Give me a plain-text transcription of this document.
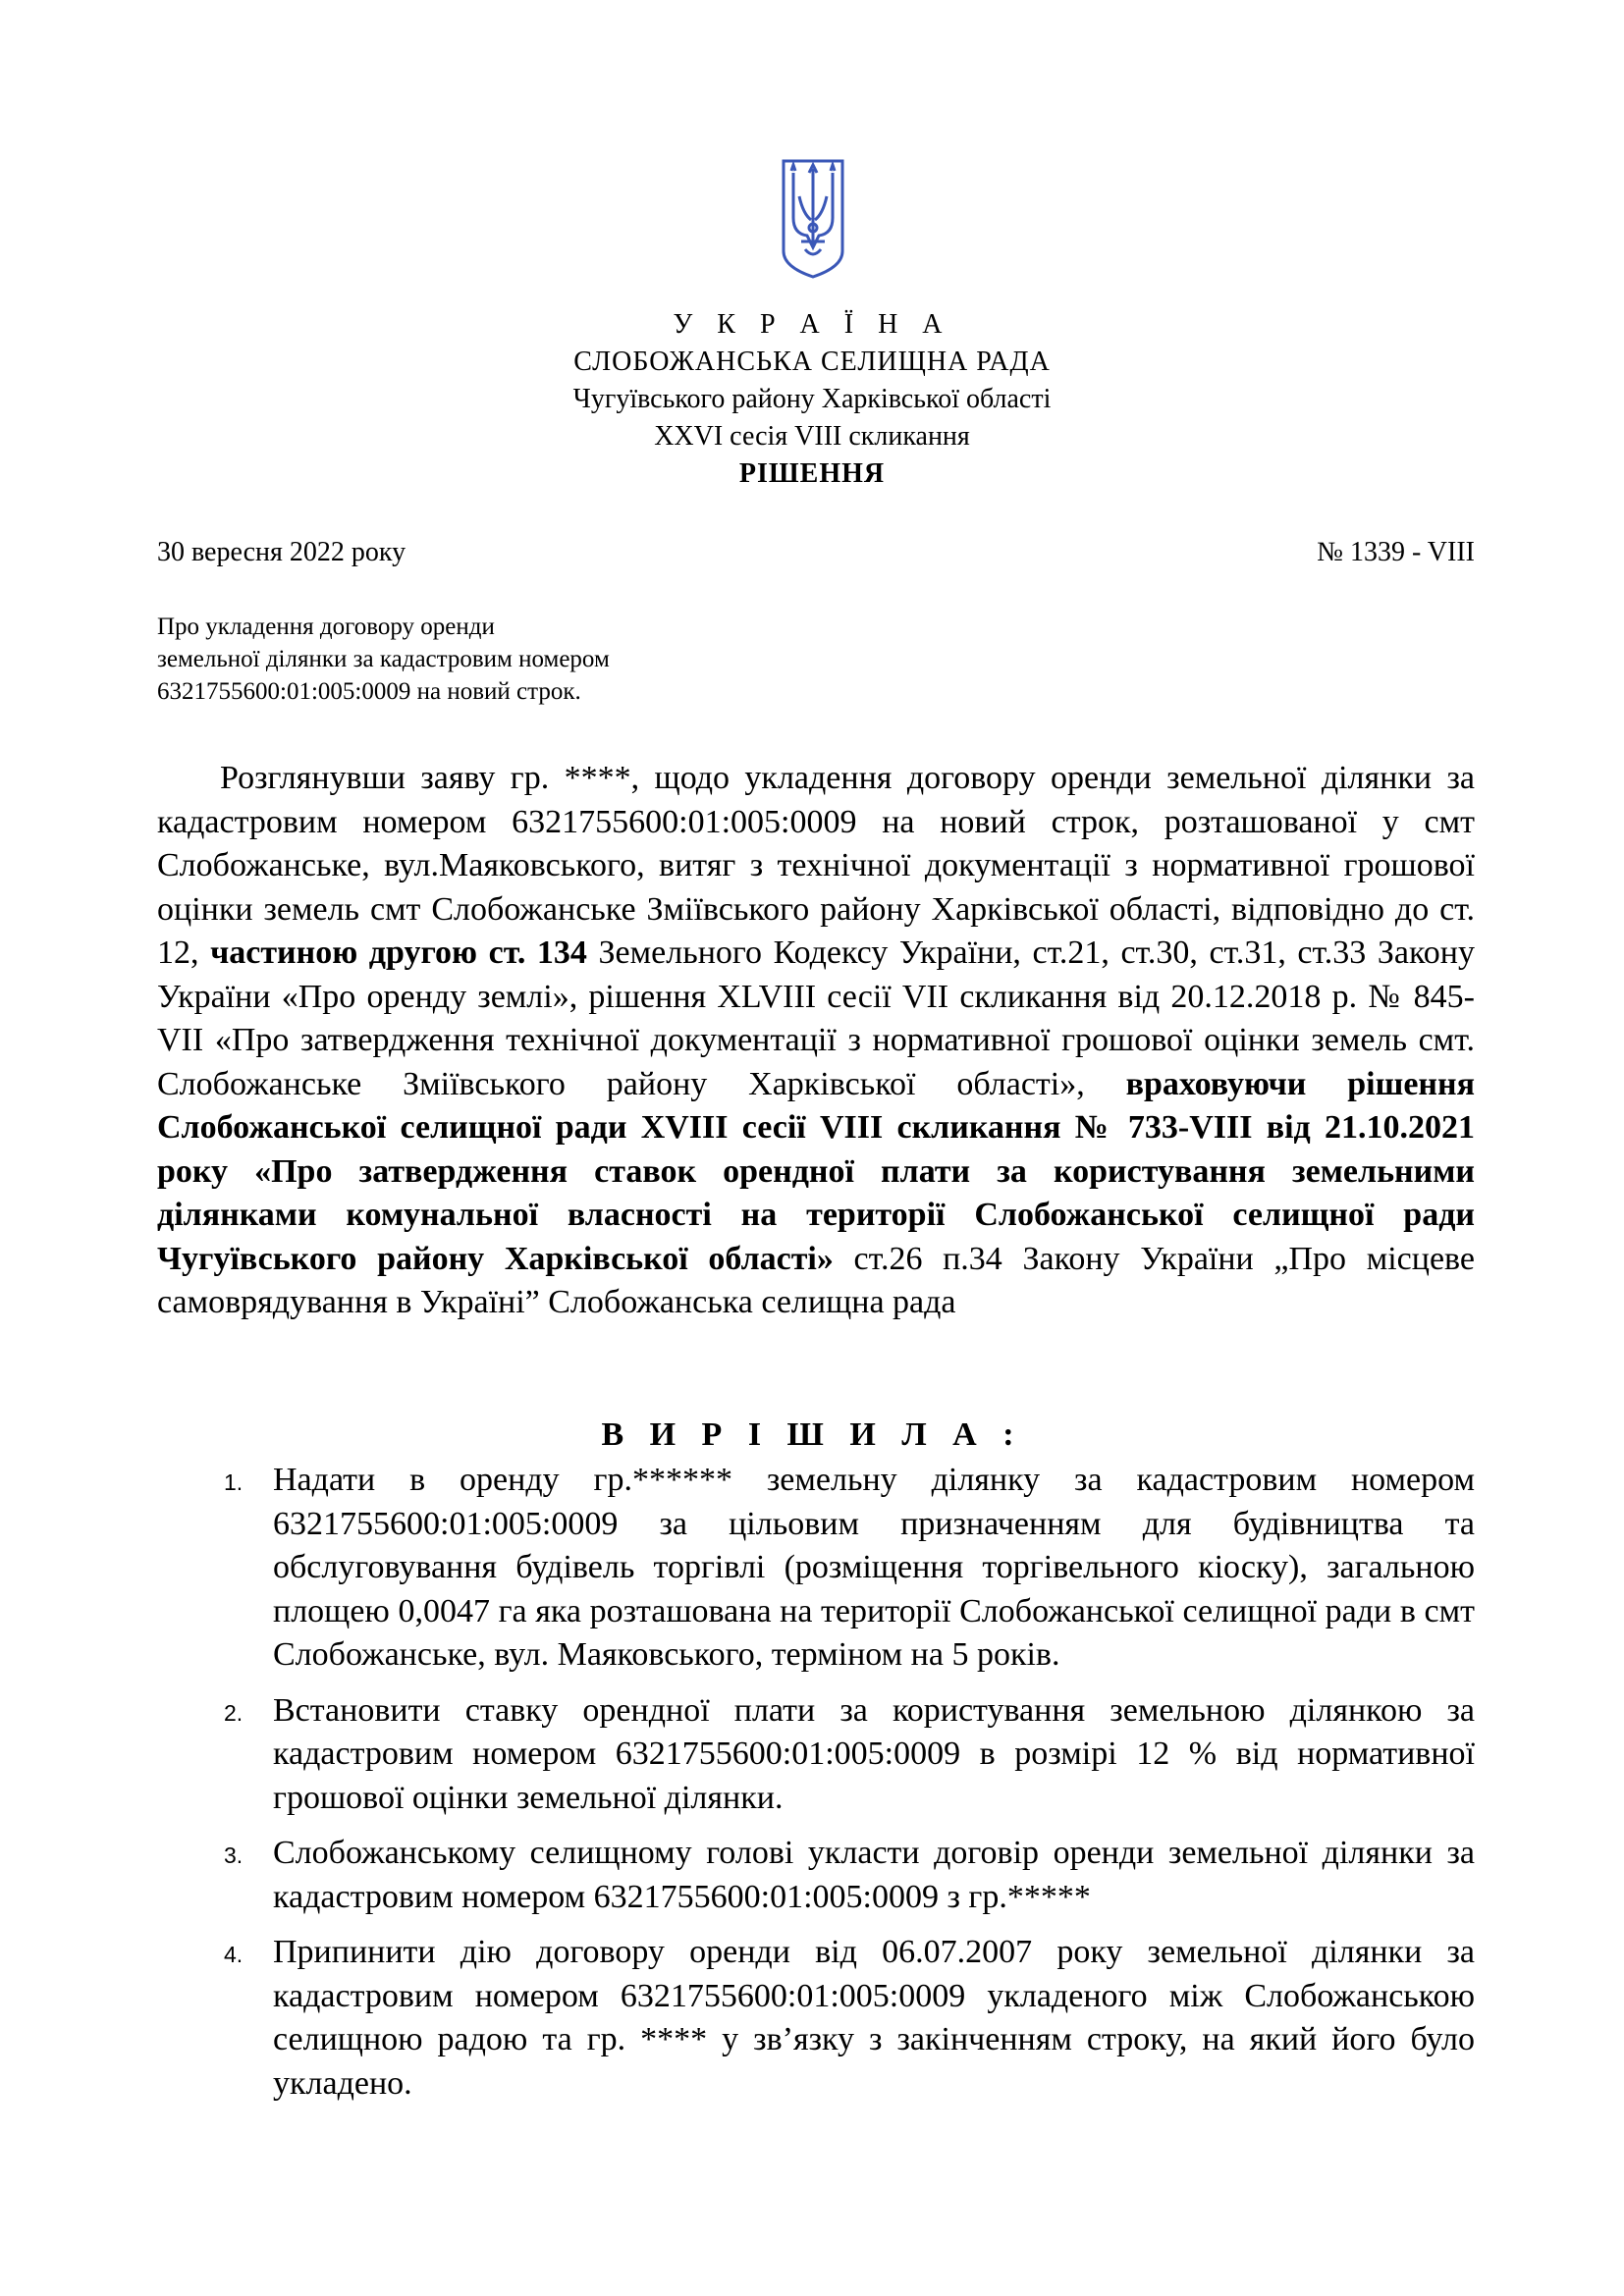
У К Р А Ї Н А
СЛОБОЖАНСЬКА СЕЛИЩНА РАДА
Чугуївського району Харківської області
XXVI сесія VIII скликання
РІШЕННЯ
30 вересня 2022 року	№ 1339 - VIII
Про укладення договору оренди
земельної ділянки за кадастровим номером
6321755600:01:005:0009 на новий строк.
Розглянувши заяву гр. ****, щодо укладення договору оренди земельної ділянки за кадастровим номером 6321755600:01:005:0009 на новий строк, розташованої у смт Слобожанське, вул.Маяковського, витяг з технічної документації з нормативної грошової оцінки земель смт Слобожанське Зміївського району Харківської області, відповідно до ст. 12, частиною другою ст. 134 Земельного Кодексу України, ст.21, ст.30, ст.31, ст.33 Закону України «Про оренду землі», рішення XLVIII сесії VII скликання від 20.12.2018 р. № 845-VII «Про затвердження технічної документації з нормативної грошової оцінки земель смт. Слобожанське Зміївського району Харківської області», враховуючи рішення Слобожанської селищної ради XVIII сесії VIII скликання № 733-VIII від 21.10.2021 року «Про затвердження ставок орендної плати за користування земельними ділянками комунальної власності на території Слобожанської селищної ради Чугуївського району Харківської області» ст.26 п.34 Закону України „Про місцеве самоврядування в Україні” Слобожанська селищна рада
В И Р І Ш И Л А :
1. Надати в оренду гр.****** земельну ділянку за кадастровим номером 6321755600:01:005:0009 за цільовим призначенням для будівництва та обслуговування будівель торгівлі (розміщення торгівельного кіоску), загальною площею 0,0047 га яка розташована на території Слобожанської селищної ради в смт Слобожанське, вул. Маяковського, терміном на 5 років.
2. Встановити ставку орендної плати за користування земельною ділянкою за кадастровим номером 6321755600:01:005:0009 в розмірі 12 % від нормативної грошової оцінки земельної ділянки.
3. Слобожанському селищному голові укласти договір оренди земельної ділянки за кадастровим номером 6321755600:01:005:0009 з гр.*****
4. Припинити дію договору оренди від 06.07.2007 року земельної ділянки за кадастровим номером 6321755600:01:005:0009 укладеного між Слобожанською селищною радою та гр. **** у зв’язку з закінченням строку, на який його було укладено.
